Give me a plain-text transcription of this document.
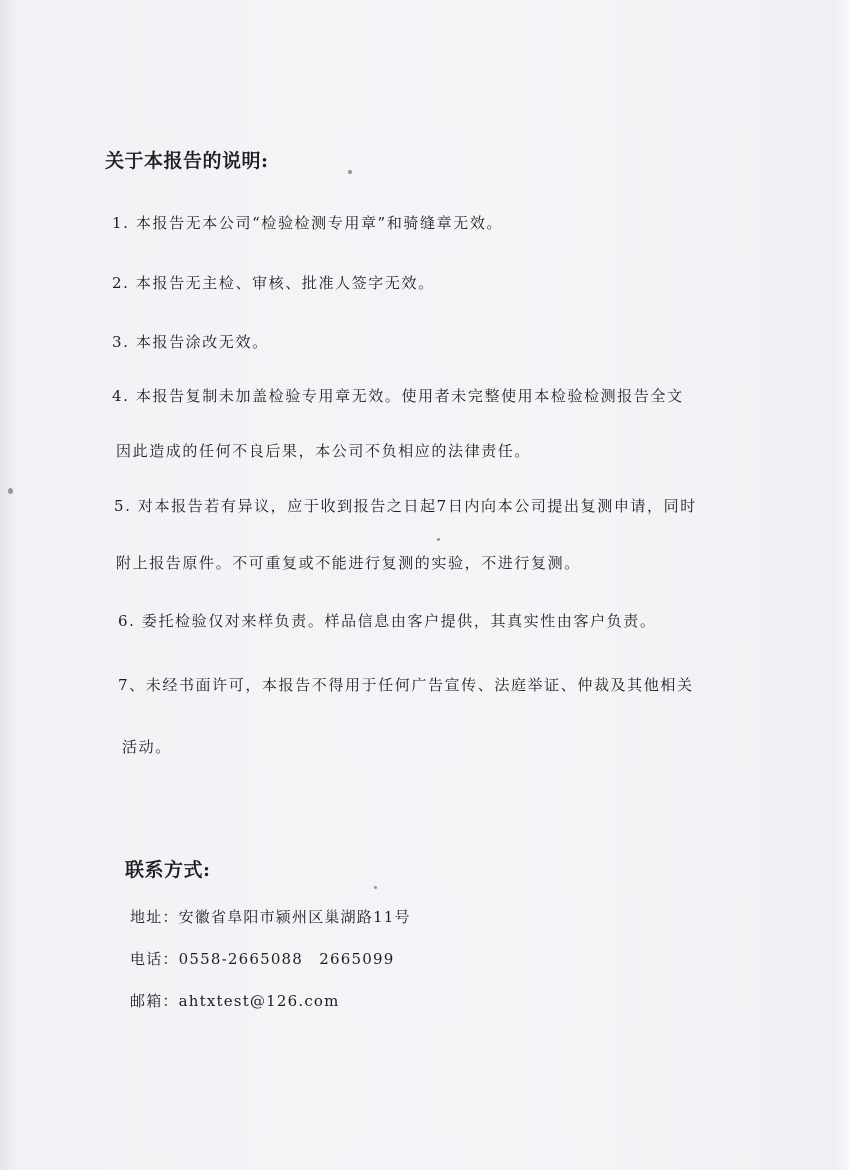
关于本报告的说明:
1. 本报告无本公司“检验检测专用章”和骑缝章无效。
2. 本报告无主检、审核、批准人签字无效。
3. 本报告涂改无效。
4. 本报告复制未加盖检验专用章无效。使用者未完整使用本检验检测报告全文
因此造成的任何不良后果，本公司不负相应的法律责任。
5. 对本报告若有异议，应于收到报告之日起7日内向本公司提出复测申请，同时
附上报告原件。不可重复或不能进行复测的实验，不进行复测。
6. 委托检验仅对来样负责。样品信息由客户提供，其真实性由客户负责。
7、未经书面许可，本报告不得用于任何广告宣传、法庭举证、仲裁及其他相关
活动。
联系方式:
地址：安徽省阜阳市颍州区巢湖路11号
电话：0558-2665088　2665099
邮箱：ahtxtest@126.com
